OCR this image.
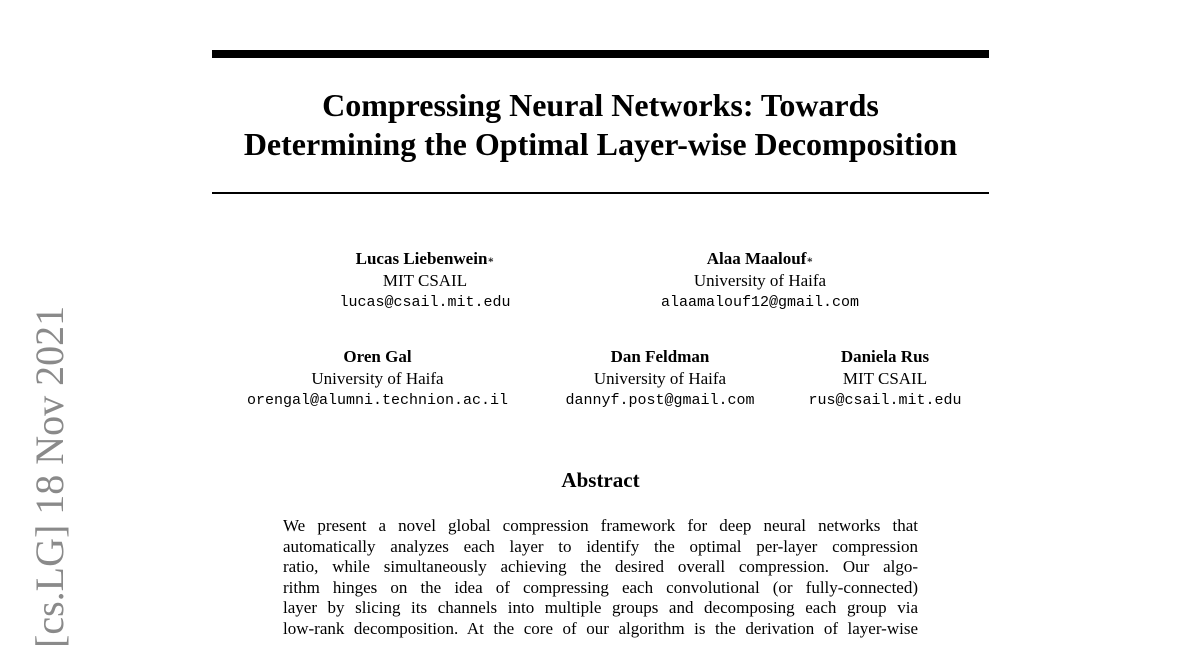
[cs.LG] 18 Nov 2021
Compressing Neural Networks: Towards
Determining the Optimal Layer-wise Decomposition
Lucas Liebenwein∗
MIT CSAIL
lucas@csail.mit.edu
Alaa Maalouf∗
University of Haifa
alaamalouf12@gmail.com
Oren Gal
University of Haifa
orengal@alumni.technion.ac.il
Dan Feldman
University of Haifa
dannyf.post@gmail.com
Daniela Rus
MIT CSAIL
rus@csail.mit.edu
Abstract
We present a novel global compression framework for deep neural networks that
automatically analyzes each layer to identify the optimal per-layer compression
ratio, while simultaneously achieving the desired overall compression. Our algo-
rithm hinges on the idea of compressing each convolutional (or fully-connected)
layer by slicing its channels into multiple groups and decomposing each group via
low-rank decomposition. At the core of our algorithm is the derivation of layer-wise
